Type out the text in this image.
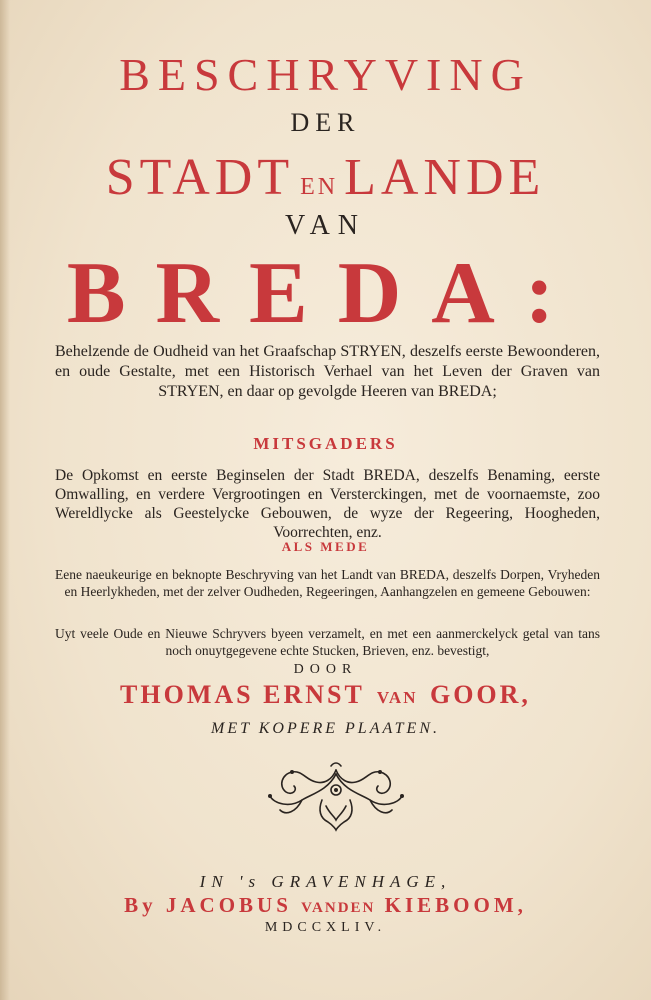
BESCHRYVING
DER
STADT EN LANDE
VAN
BREDA:
Behelzende de Oudheid van het Graafschap STRYEN, deszelfs eerste Bewoonderen, en oude Gestalte, met een Historisch Verhael van het Leven der Graven van STRYEN, en daar op gevolgde Heeren van BREDA;
MITSGADERS
De Opkomst en eerste Beginselen der Stadt BREDA, deszelfs Benaming, eerste Omwalling, en verdere Vergrootingen en Versterckingen, met de voornaemste, zoo Wereldlycke als Geestelycke Gebouwen, de wyze der Regeering, Hoogheden, Voorrechten, enz.
ALS MEDE
Eene naeukeurige en beknopte Beschryving van het Landt van BREDA, deszelfs Dorpen, Vryheden en Heerlykheden, met der zelver Oudheden, Regeeringen, Aanhangzelen en gemeene Gebouwen:
Uyt veele Oude en Nieuwe Schryvers byeen verzamelt, en met een aanmerckelyck getal van tans noch onuytgegevene echte Stucken, Brieven, enz. bevestigt,
DOOR
THOMAS ERNST VAN GOOR,
MET KOPERE PLAATEN.
IN 's GRAVENHAGE,
By JACOBUS VANDEN KIEBOOM,
MDCCXLIV.
